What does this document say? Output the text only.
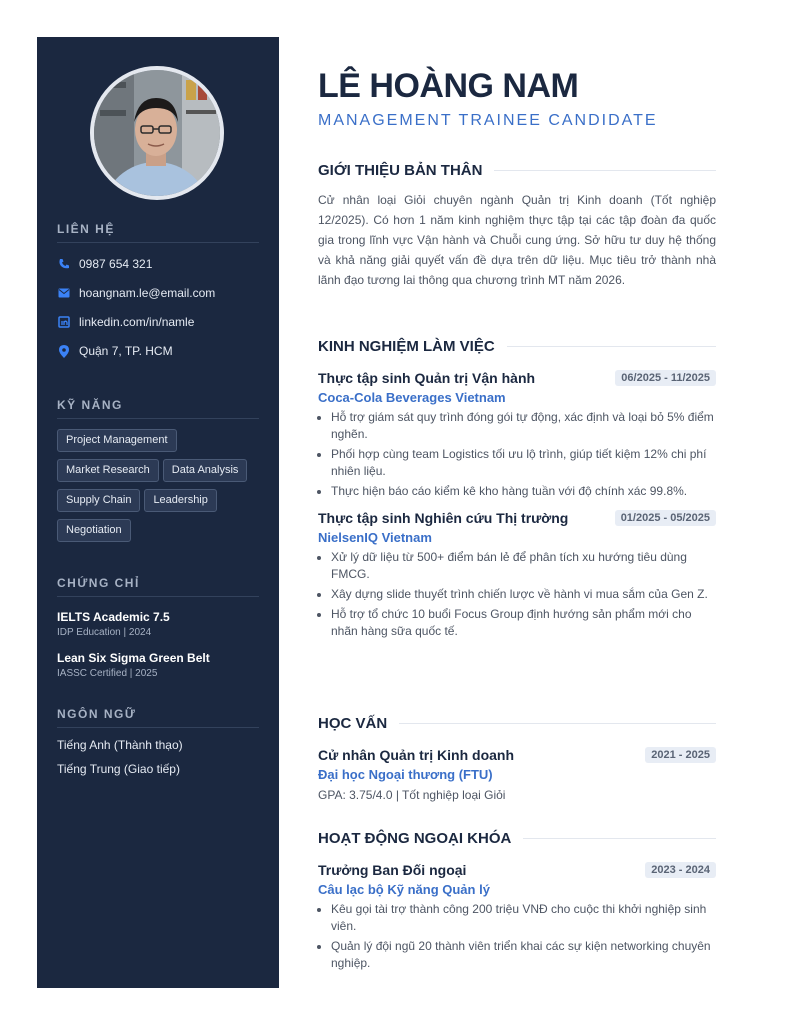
LIÊN HỆ
0987 654 321
hoangnam.le@email.com
linkedin.com/in/namle
Quận 7, TP. HCM
KỸ NĂNG
Project Management
Market Research	Data Analysis
Supply Chain	Leadership
Negotiation
CHỨNG CHỈ
IELTS Academic 7.5
IDP Education | 2024
Lean Six Sigma Green Belt
IASSC Certified | 2025
NGÔN NGỮ
Tiếng Anh (Thành thạo)
Tiếng Trung (Giao tiếp)
LÊ HOÀNG NAM
MANAGEMENT TRAINEE CANDIDATE
GIỚI THIỆU BẢN THÂN
Cử nhân loại Giỏi chuyên ngành Quản trị Kinh doanh (Tốt nghiệp 12/2025). Có hơn 1 năm kinh nghiệm thực tập tại các tập đoàn đa quốc gia trong lĩnh vực Vận hành và Chuỗi cung ứng. Sở hữu tư duy hệ thống và khả năng giải quyết vấn đề dựa trên dữ liệu. Mục tiêu trở thành nhà lãnh đạo tương lai thông qua chương trình MT năm 2026.
KINH NGHIỆM LÀM VIỆC
Thực tập sinh Quản trị Vận hành	06/2025 - 11/2025
Coca-Cola Beverages Vietnam
• Hỗ trợ giám sát quy trình đóng gói tự động, xác định và loại bỏ 5% điểm nghẽn.
• Phối hợp cùng team Logistics tối ưu lộ trình, giúp tiết kiệm 12% chi phí nhiên liệu.
• Thực hiện báo cáo kiểm kê kho hàng tuần với độ chính xác 99.8%.
Thực tập sinh Nghiên cứu Thị trường	01/2025 - 05/2025
NielsenIQ Vietnam
• Xử lý dữ liệu từ 500+ điểm bán lẻ để phân tích xu hướng tiêu dùng FMCG.
• Xây dựng slide thuyết trình chiến lược về hành vi mua sắm của Gen Z.
• Hỗ trợ tổ chức 10 buổi Focus Group định hướng sản phẩm mới cho nhãn hàng sữa quốc tế.
HỌC VẤN
Cử nhân Quản trị Kinh doanh	2021 - 2025
Đại học Ngoại thương (FTU)
GPA: 3.75/4.0 | Tốt nghiệp loại Giỏi
HOẠT ĐỘNG NGOẠI KHÓA
Trưởng Ban Đối ngoại	2023 - 2024
Câu lạc bộ Kỹ năng Quản lý
• Kêu gọi tài trợ thành công 200 triệu VNĐ cho cuộc thi khởi nghiệp sinh viên.
• Quản lý đội ngũ 20 thành viên triển khai các sự kiện networking chuyên nghiệp.
